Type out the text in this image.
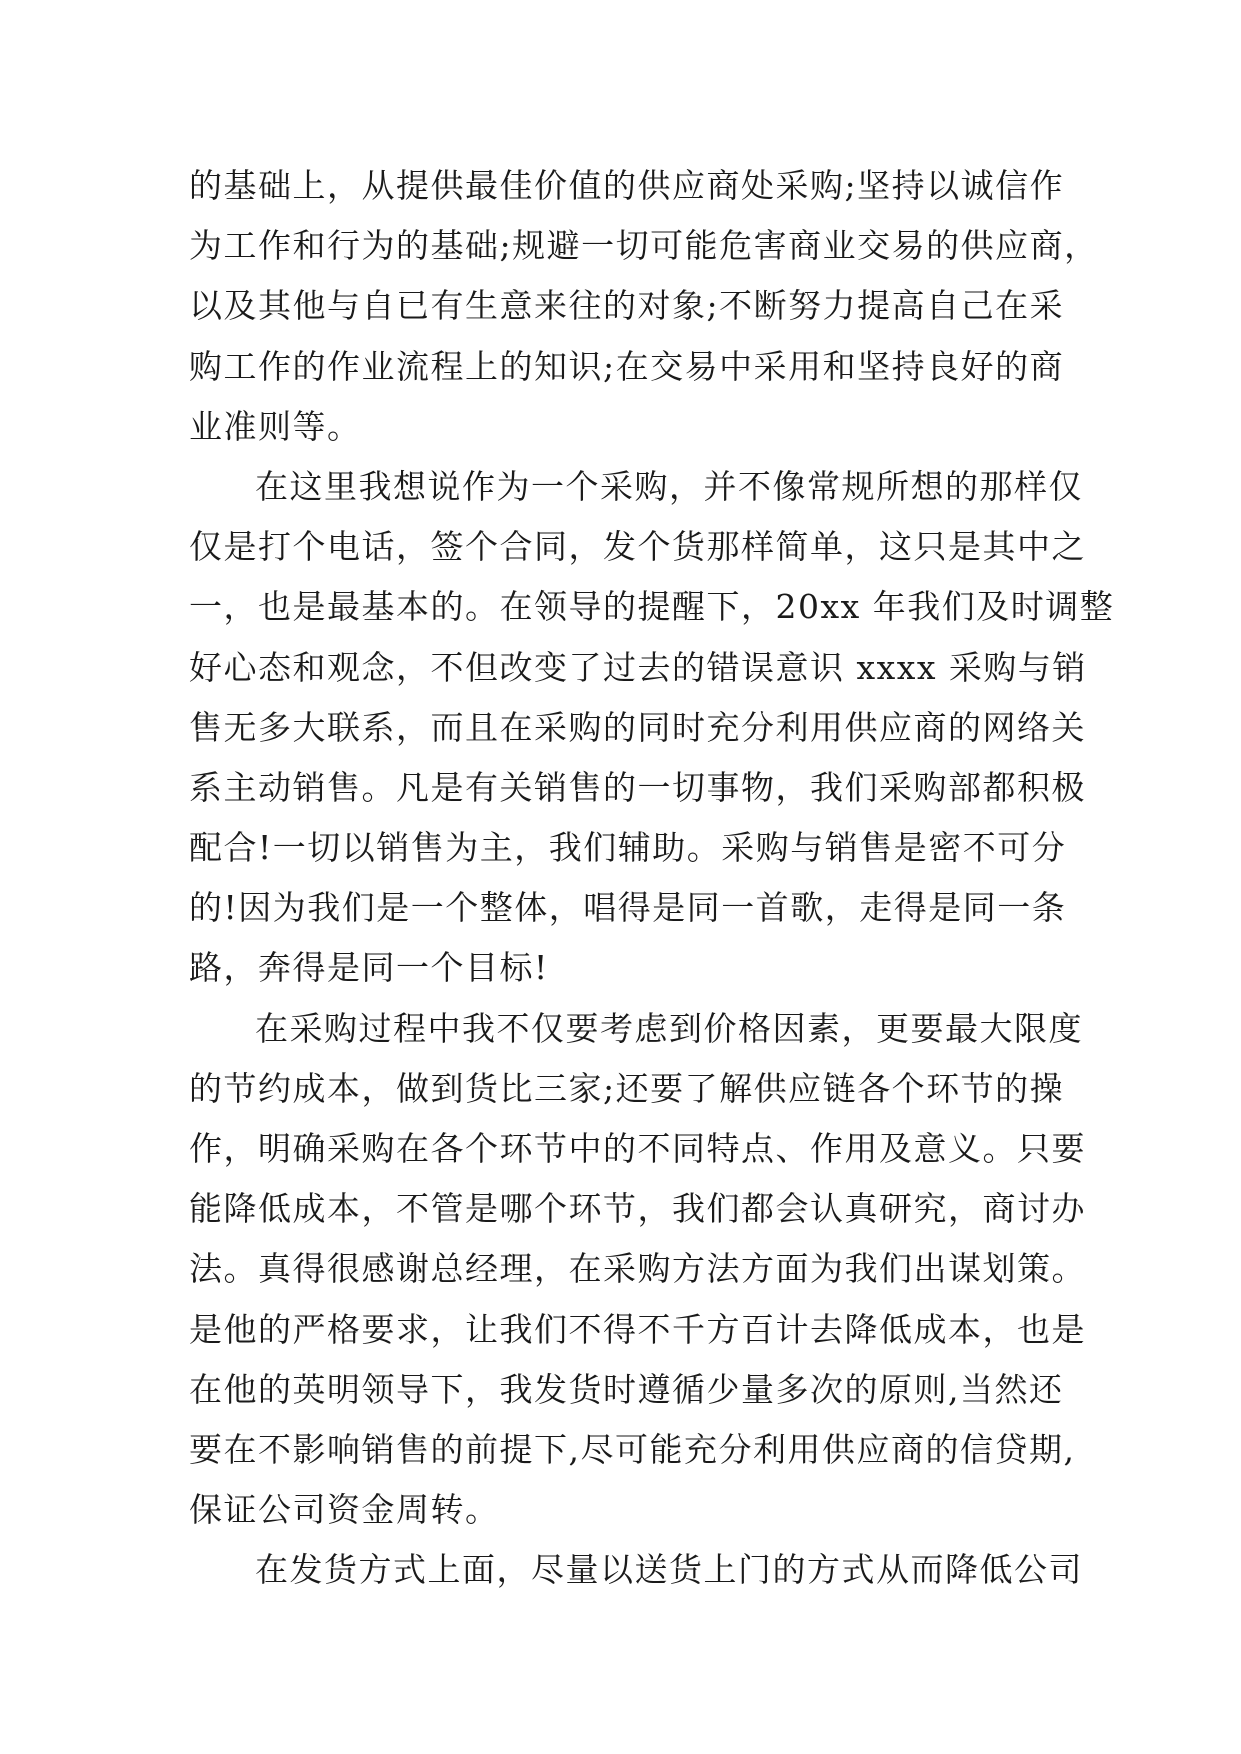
的基础上，从提供最佳价值的供应商处采购;坚持以诚信作
为工作和行为的基础;规避一切可能危害商业交易的供应商，
以及其他与自已有生意来往的对象;不断努力提高自己在采
购工作的作业流程上的知识;在交易中采用和坚持良好的商
业准则等。
在这里我想说作为一个采购，并不像常规所想的那样仅
仅是打个电话，签个合同，发个货那样简单，这只是其中之
一，也是最基本的。在领导的提醒下，20xx 年我们及时调整
好心态和观念，不但改变了过去的错误意识 xxxx 采购与销
售无多大联系，而且在采购的同时充分利用供应商的网络关
系主动销售。凡是有关销售的一切事物，我们采购部都积极
配合!一切以销售为主，我们辅助。采购与销售是密不可分
的!因为我们是一个整体，唱得是同一首歌，走得是同一条
路，奔得是同一个目标!
在采购过程中我不仅要考虑到价格因素，更要最大限度
的节约成本，做到货比三家;还要了解供应链各个环节的操
作，明确采购在各个环节中的不同特点、作用及意义。只要
能降低成本，不管是哪个环节，我们都会认真研究，商讨办
法。真得很感谢总经理，在采购方法方面为我们出谋划策。
是他的严格要求，让我们不得不千方百计去降低成本，也是
在他的英明领导下，我发货时遵循少量多次的原则,当然还
要在不影响销售的前提下,尽可能充分利用供应商的信贷期,
保证公司资金周转。
在发货方式上面，尽量以送货上门的方式从而降低公司
